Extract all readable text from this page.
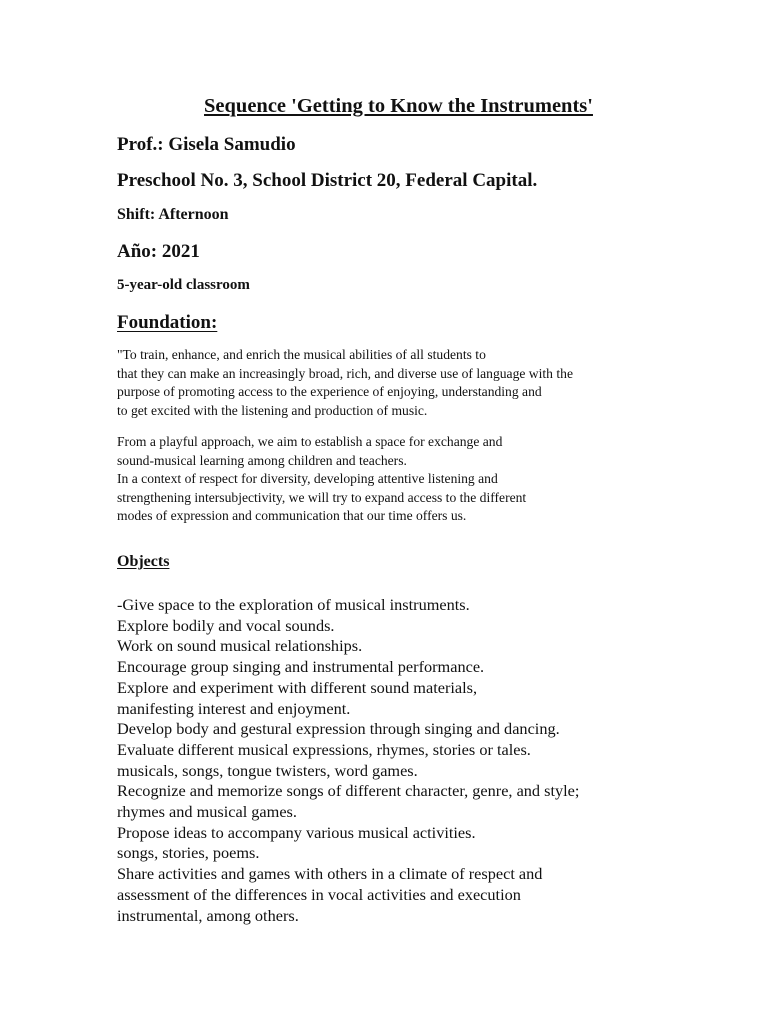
Sequence 'Getting to Know the Instruments'
Prof.: Gisela Samudio
Preschool No. 3, School District 20, Federal Capital.
Shift: Afternoon
Año: 2021
5-year-old classroom
Foundation:
"To train, enhance, and enrich the musical abilities of all students to
that they can make an increasingly broad, rich, and diverse use of language with the
purpose of promoting access to the experience of enjoying, understanding and
to get excited with the listening and production of music.
From a playful approach, we aim to establish a space for exchange and
sound-musical learning among children and teachers.
In a context of respect for diversity, developing attentive listening and
strengthening intersubjectivity, we will try to expand access to the different
modes of expression and communication that our time offers us.
Objects
-Give space to the exploration of musical instruments.
Explore bodily and vocal sounds.
Work on sound musical relationships.
Encourage group singing and instrumental performance.
Explore and experiment with different sound materials,
manifesting interest and enjoyment.
Develop body and gestural expression through singing and dancing.
Evaluate different musical expressions, rhymes, stories or tales.
musicals, songs, tongue twisters, word games.
Recognize and memorize songs of different character, genre, and style;
rhymes and musical games.
Propose ideas to accompany various musical activities.
songs, stories, poems.
Share activities and games with others in a climate of respect and
assessment of the differences in vocal activities and execution
instrumental, among others.
